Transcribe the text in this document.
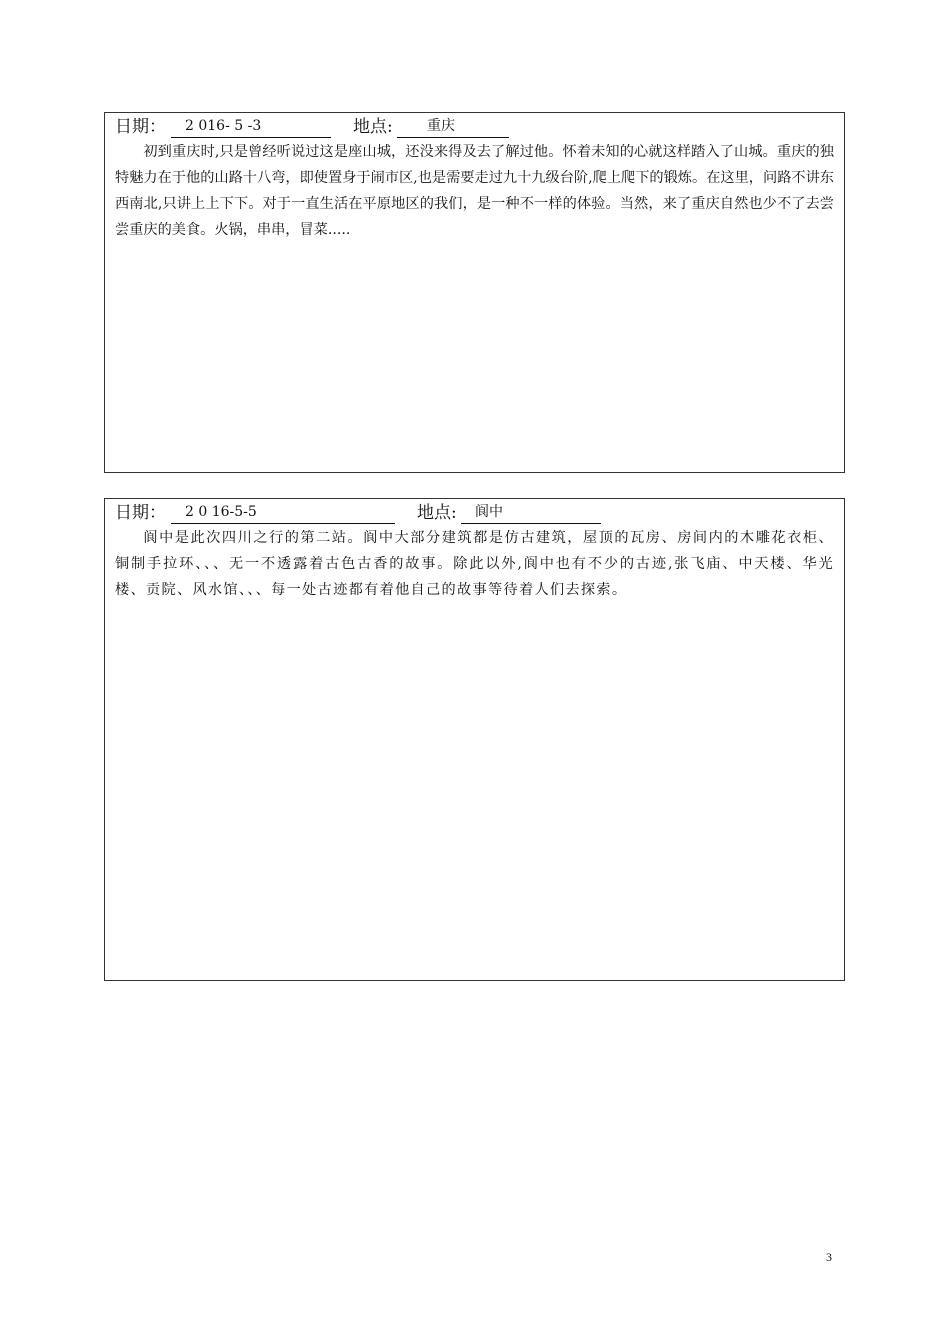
日期：	2 016- 5 -3	地点:	重庆

初到重庆时,只是曾经听说过这是座山城，还没来得及去了解过他。怀着未知的心就这样踏入了山城。重庆的独特魅力在于他的山路十八弯，即使置身于闹市区,也是需要走过九十九级台阶,爬上爬下的锻炼。在这里，问路不讲东西南北,只讲上上下下。对于一直生活在平原地区的我们，是一种不一样的体验。当然，来了重庆自然也少不了去尝尝重庆的美食。火锅，串串，冒菜.....

日期：	2 0 16-5-5	地点:	阆中

阆中是此次四川之行的第二站。阆中大部分建筑都是仿古建筑，屋顶的瓦房、房间内的木雕花衣柜、铜制手拉环、、、无一不透露着古色古香的故事。除此以外,阆中也有不少的古迹,张飞庙、中天楼、华光楼、贡院、风水馆、、、每一处古迹都有着他自己的故事等待着人们去探索。

3
